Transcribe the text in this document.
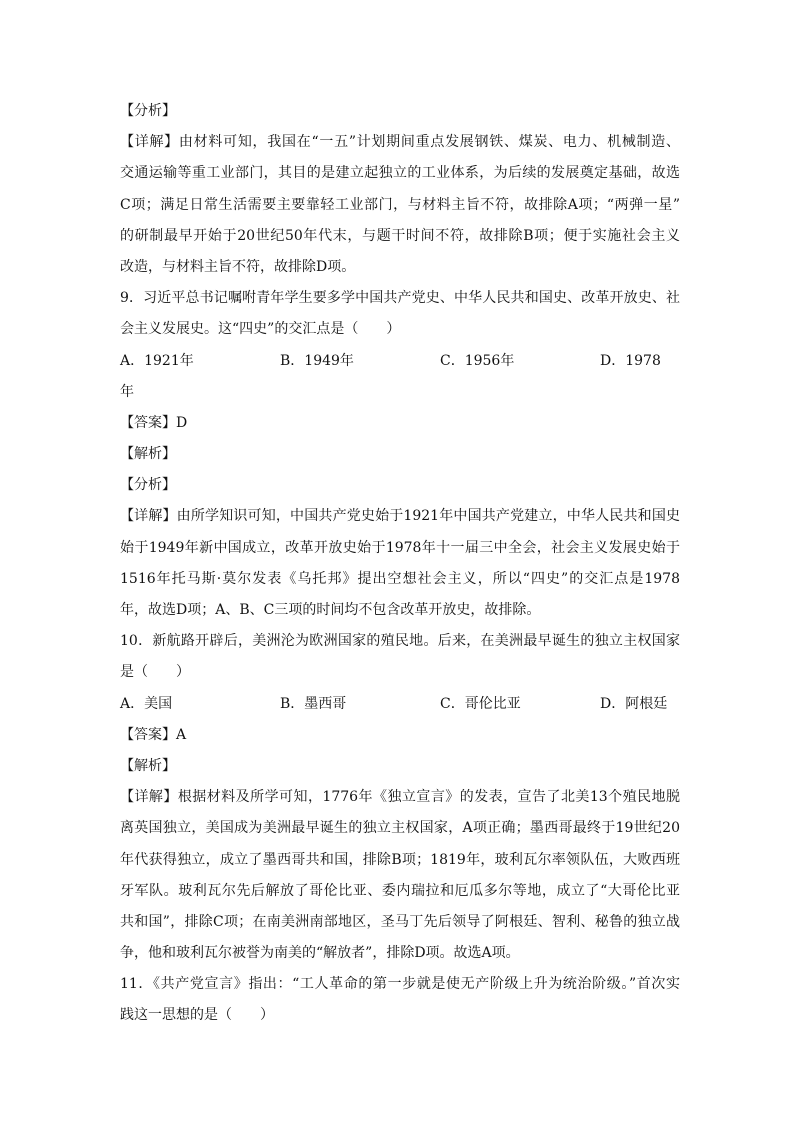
【分析】
【详解】由材料可知，我国在“一五”计划期间重点发展钢铁、煤炭、电力、机械制造、
交通运输等重工业部门，其目的是建立起独立的工业体系，为后续的发展奠定基础，故选
C项；满足日常生活需要主要靠轻工业部门，与材料主旨不符，故排除A项；“两弹一星”
的研制最早开始于20世纪50年代末，与题干时间不符，故排除B项；便于实施社会主义
改造，与材料主旨不符，故排除D项。
9．习近平总书记嘱咐青年学生要多学中国共产党史、中华人民共和国史、改革开放史、社
会主义发展史。这“四史”的交汇点是（　　）
A．1921年	B．1949年	C．1956年	D．1978
年
【答案】D
【解析】
【分析】
【详解】由所学知识可知，中国共产党史始于1921年中国共产党建立，中华人民共和国史
始于1949年新中国成立，改革开放史始于1978年十一届三中全会，社会主义发展史始于
1516年托马斯·莫尔发表《乌托邦》提出空想社会主义，所以“四史”的交汇点是1978
年，故选D项；A、B、C三项的时间均不包含改革开放史，故排除。
10．新航路开辟后，美洲沦为欧洲国家的殖民地。后来，在美洲最早诞生的独立主权国家
是（　　）
A．美国	B．墨西哥	C．哥伦比亚	D．阿根廷
【答案】A
【解析】
【详解】根据材料及所学可知，1776年《独立宣言》的发表，宣告了北美13个殖民地脱
离英国独立，美国成为美洲最早诞生的独立主权国家，A项正确；墨西哥最终于19世纪20
年代获得独立，成立了墨西哥共和国，排除B项；1819年，玻利瓦尔率领队伍，大败西班
牙军队。玻利瓦尔先后解放了哥伦比亚、委内瑞拉和厄瓜多尔等地，成立了“大哥伦比亚
共和国”，排除C项；在南美洲南部地区，圣马丁先后领导了阿根廷、智利、秘鲁的独立战
争，他和玻利瓦尔被誉为南美的“解放者”，排除D项。故选A项。
11．《共产党宣言》指出：“工人革命的第一步就是使无产阶级上升为统治阶级。”首次实
践这一思想的是（　　）
